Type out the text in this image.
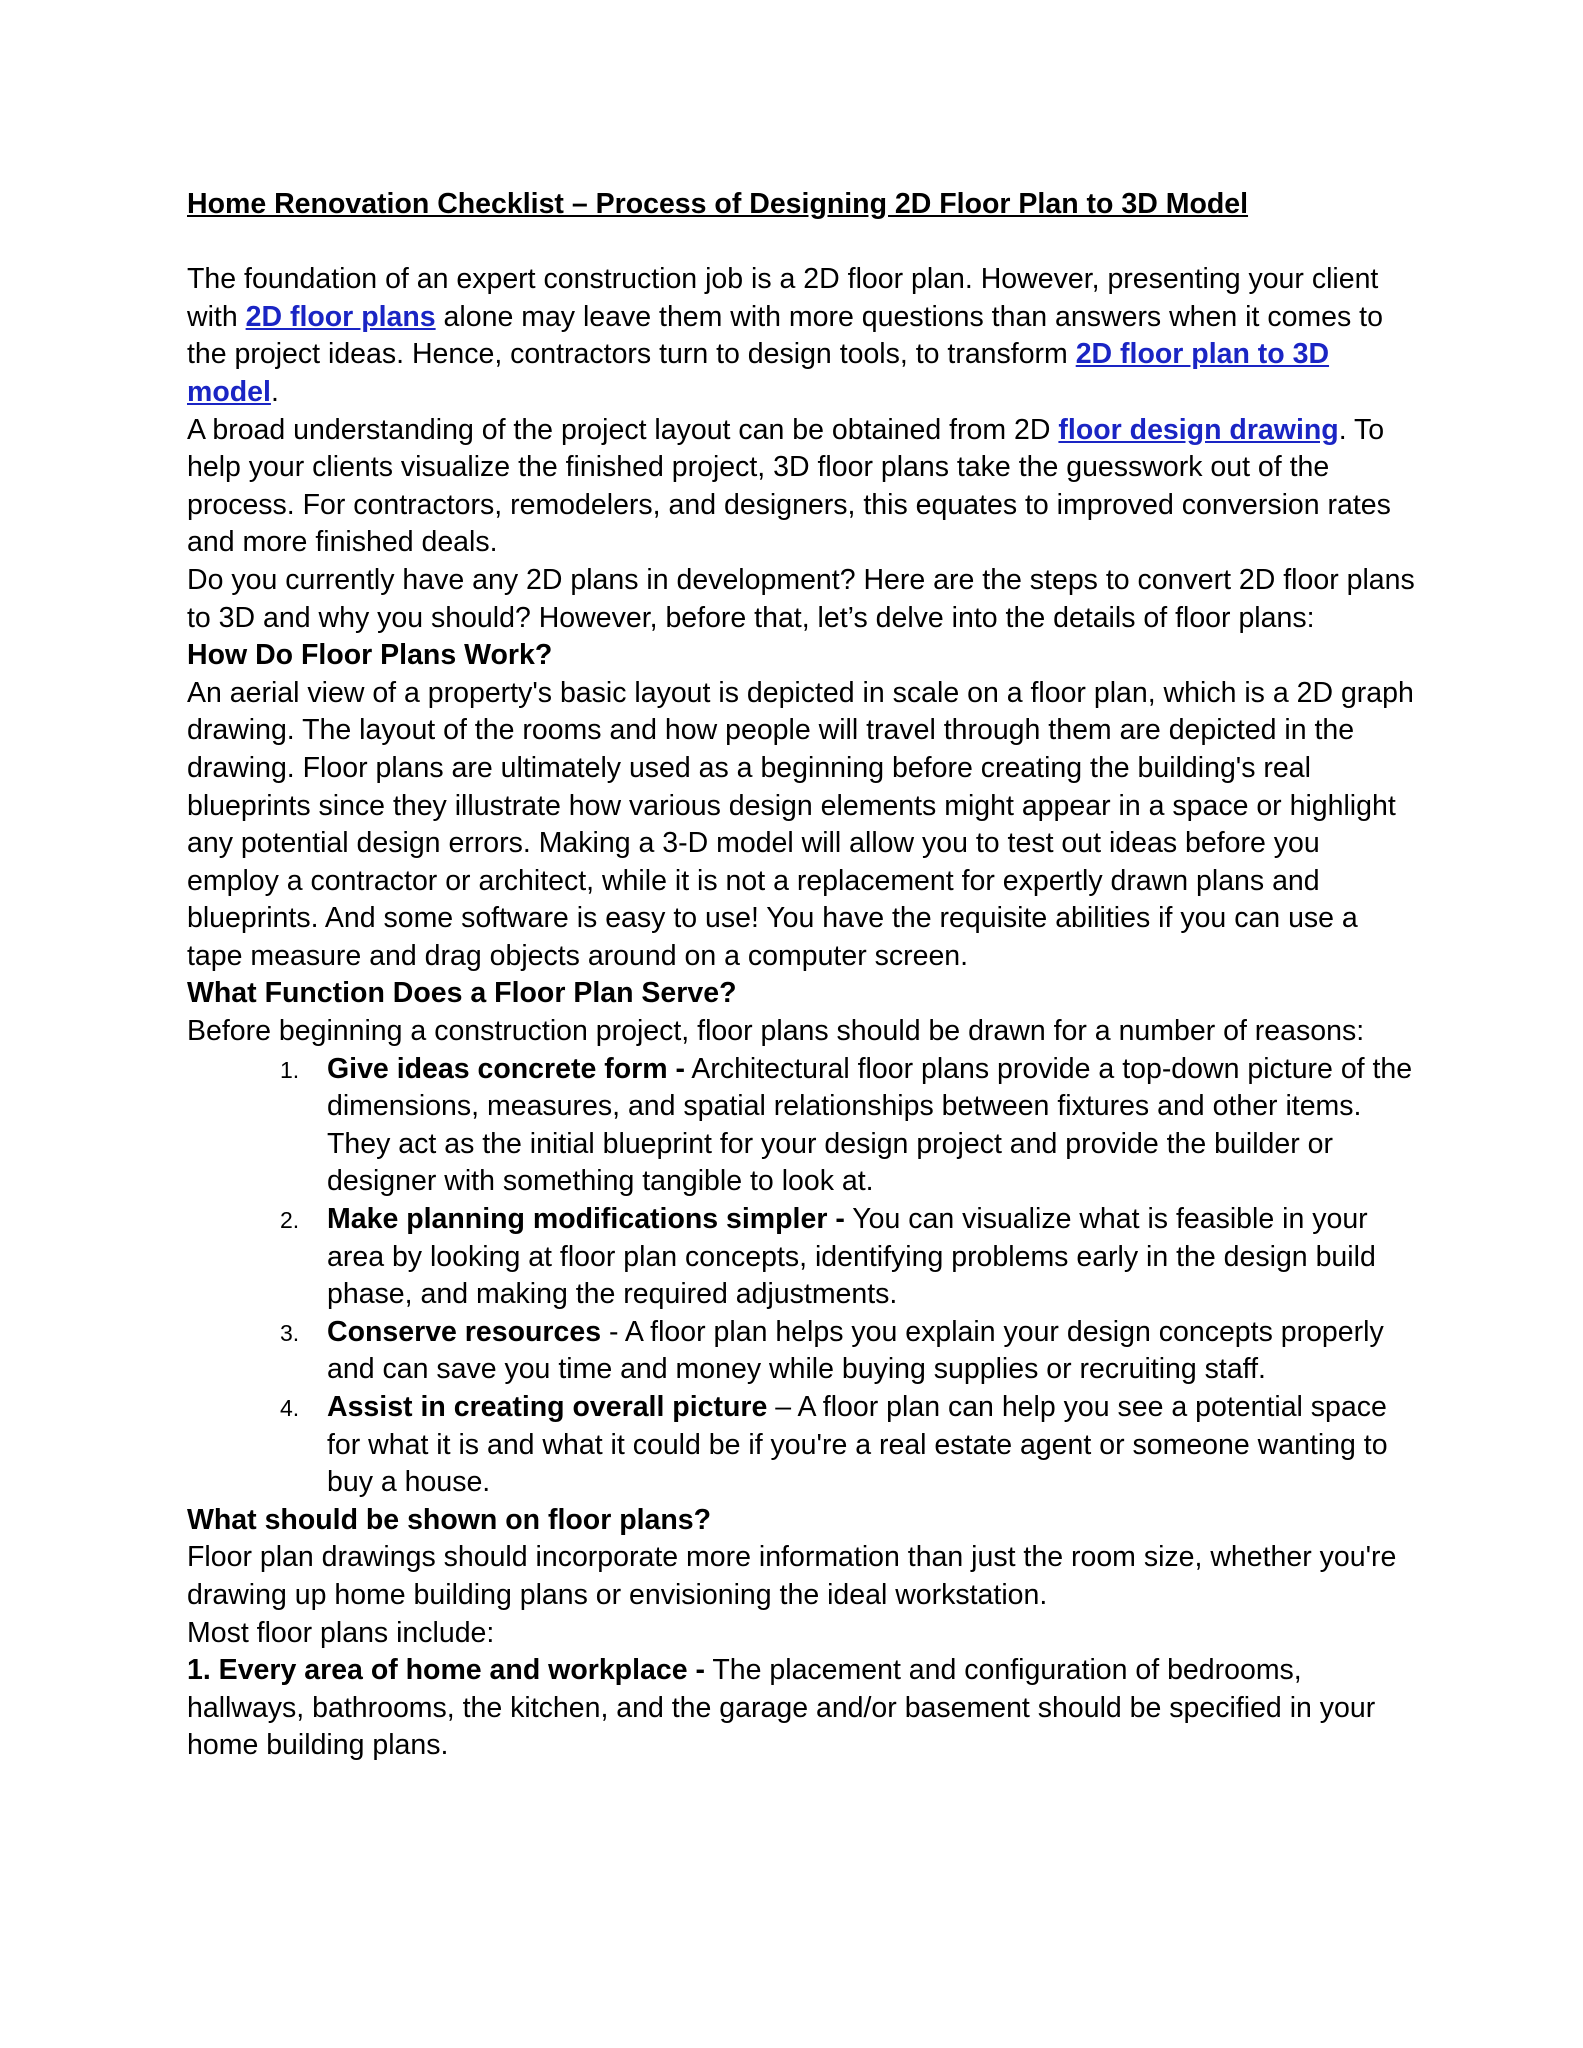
Home Renovation Checklist – Process of Designing 2D Floor Plan to 3D Model

The foundation of an expert construction job is a 2D floor plan. However, presenting your client with 2D floor plans alone may leave them with more questions than answers when it comes to the project ideas. Hence, contractors turn to design tools, to transform 2D floor plan to 3D model.

A broad understanding of the project layout can be obtained from 2D floor design drawing. To help your clients visualize the finished project, 3D floor plans take the guesswork out of the process. For contractors, remodelers, and designers, this equates to improved conversion rates and more finished deals.

Do you currently have any 2D plans in development? Here are the steps to convert 2D floor plans to 3D and why you should? However, before that, let’s delve into the details of floor plans:

How Do Floor Plans Work?

An aerial view of a property's basic layout is depicted in scale on a floor plan, which is a 2D graph drawing. The layout of the rooms and how people will travel through them are depicted in the drawing. Floor plans are ultimately used as a beginning before creating the building's real blueprints since they illustrate how various design elements might appear in a space or highlight any potential design errors. Making a 3-D model will allow you to test out ideas before you employ a contractor or architect, while it is not a replacement for expertly drawn plans and blueprints. And some software is easy to use! You have the requisite abilities if you can use a tape measure and drag objects around on a computer screen.

What Function Does a Floor Plan Serve?

Before beginning a construction project, floor plans should be drawn for a number of reasons:

1. Give ideas concrete form - Architectural floor plans provide a top-down picture of the dimensions, measures, and spatial relationships between fixtures and other items. They act as the initial blueprint for your design project and provide the builder or designer with something tangible to look at.
2. Make planning modifications simpler - You can visualize what is feasible in your area by looking at floor plan concepts, identifying problems early in the design build phase, and making the required adjustments.
3. Conserve resources - A floor plan helps you explain your design concepts properly and can save you time and money while buying supplies or recruiting staff.
4. Assist in creating overall picture – A floor plan can help you see a potential space for what it is and what it could be if you're a real estate agent or someone wanting to buy a house.
What should be shown on floor plans?

Floor plan drawings should incorporate more information than just the room size, whether you're drawing up home building plans or envisioning the ideal workstation.

Most floor plans include:

1. Every area of home and workplace - The placement and configuration of bedrooms, hallways, bathrooms, the kitchen, and the garage and/or basement should be specified in your home building plans.
